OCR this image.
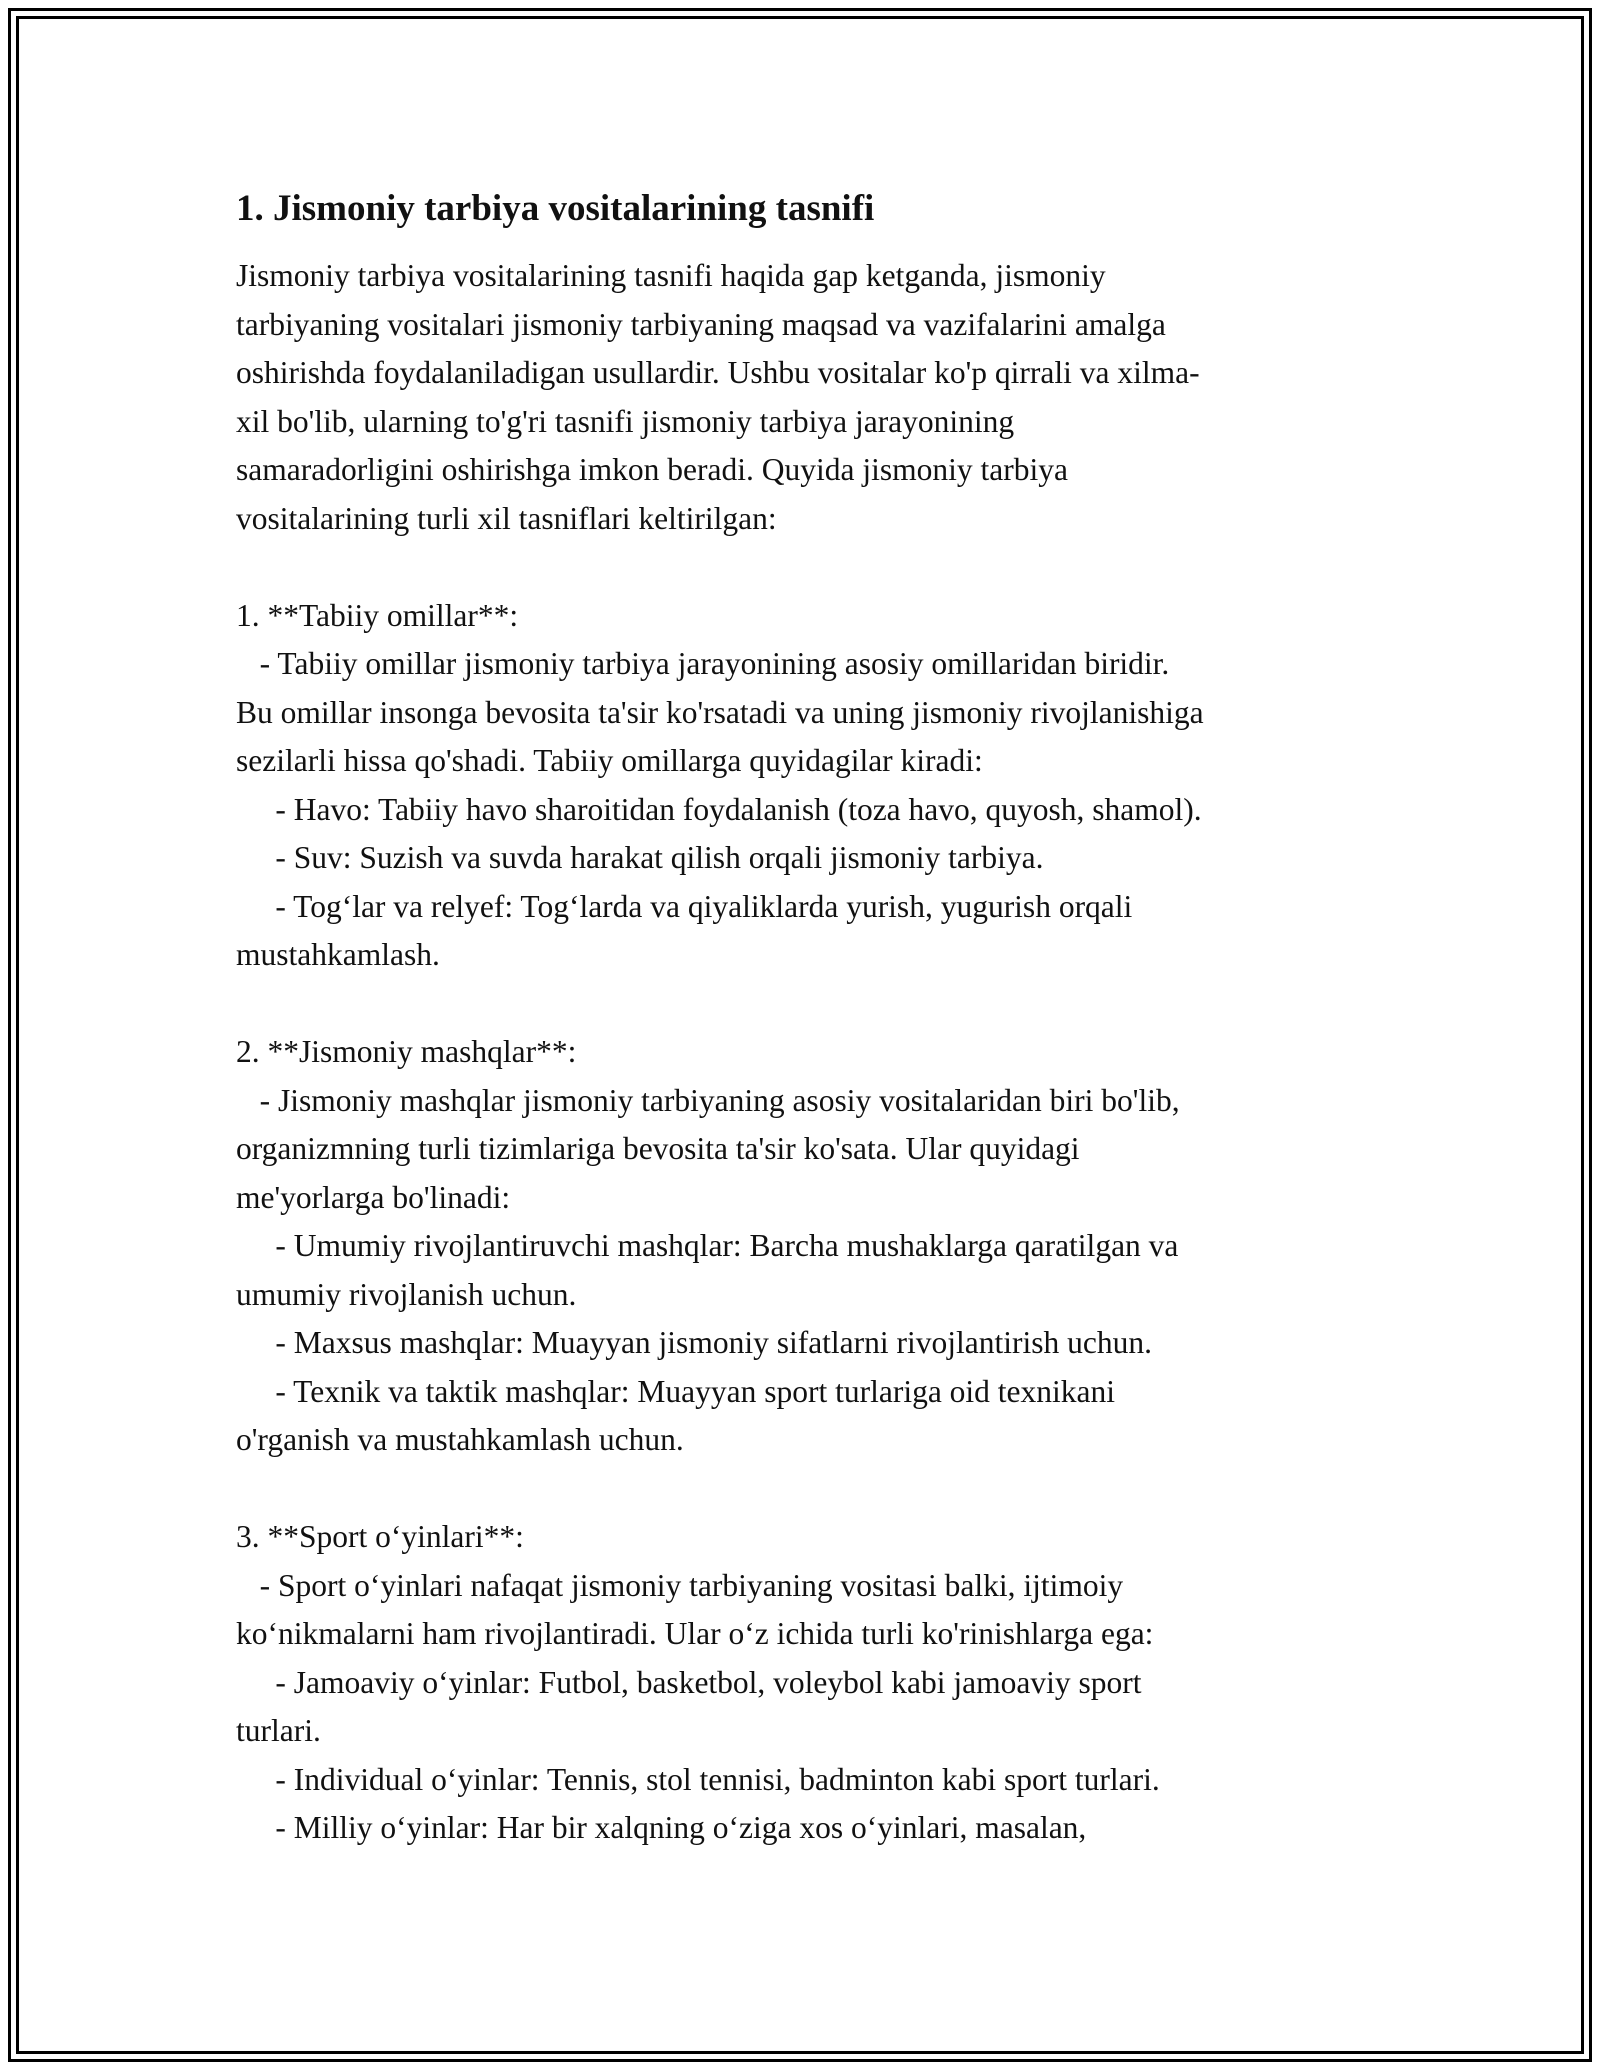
1. Jismoniy tarbiya vositalarining tasnifi
Jismoniy tarbiya vositalarining tasnifi haqida gap ketganda, jismoniy
tarbiyaning vositalari jismoniy tarbiyaning maqsad va vazifalarini amalga
oshirishda foydalaniladigan usullardir. Ushbu vositalar ko'p qirrali va xilma-
xil bo'lib, ularning to'g'ri tasnifi jismoniy tarbiya jarayonining
samaradorligini oshirishga imkon beradi. Quyida jismoniy tarbiya
vositalarining turli xil tasniflari keltirilgan:
1. **Tabiiy omillar**:
- Tabiiy omillar jismoniy tarbiya jarayonining asosiy omillaridan biridir.
Bu omillar insonga bevosita ta'sir ko'rsatadi va uning jismoniy rivojlanishiga
sezilarli hissa qo'shadi. Tabiiy omillarga quyidagilar kiradi:
- Havo: Tabiiy havo sharoitidan foydalanish (toza havo, quyosh, shamol).
- Suv: Suzish va suvda harakat qilish orqali jismoniy tarbiya.
- Tog‘lar va relyef: Tog‘larda va qiyaliklarda yurish, yugurish orqali
mustahkamlash.
2. **Jismoniy mashqlar**:
- Jismoniy mashqlar jismoniy tarbiyaning asosiy vositalaridan biri bo'lib,
organizmning turli tizimlariga bevosita ta'sir ko'sata. Ular quyidagi
me'yorlarga bo'linadi:
- Umumiy rivojlantiruvchi mashqlar: Barcha mushaklarga qaratilgan va
umumiy rivojlanish uchun.
- Maxsus mashqlar: Muayyan jismoniy sifatlarni rivojlantirish uchun.
- Texnik va taktik mashqlar: Muayyan sport turlariga oid texnikani
o'rganish va mustahkamlash uchun.
3. **Sport o‘yinlari**:
- Sport o‘yinlari nafaqat jismoniy tarbiyaning vositasi balki, ijtimoiy
ko‘nikmalarni ham rivojlantiradi. Ular o‘z ichida turli ko'rinishlarga ega:
- Jamoaviy o‘yinlar: Futbol, basketbol, voleybol kabi jamoaviy sport
turlari.
- Individual o‘yinlar: Tennis, stol tennisi, badminton kabi sport turlari.
- Milliy o‘yinlar: Har bir xalqning o‘ziga xos o‘yinlari, masalan,
